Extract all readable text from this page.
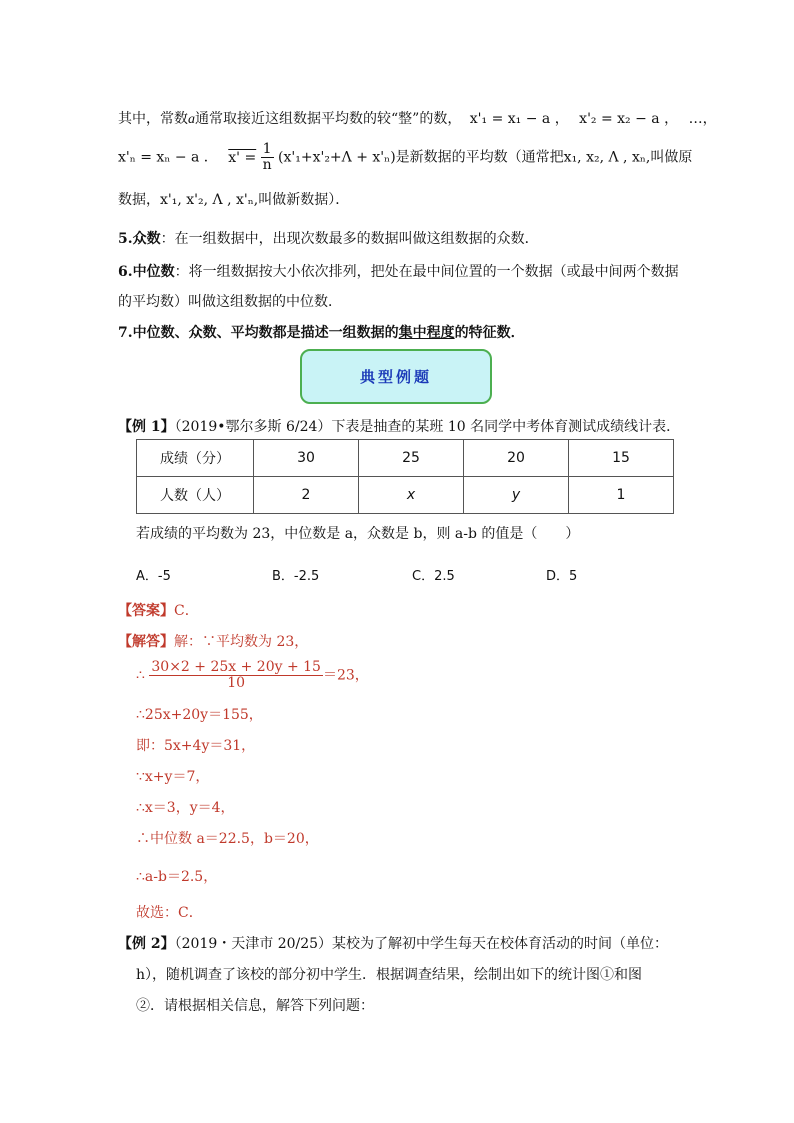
其中，常数a通常取接近这组数据平均数的较“整”的数， x'₁ = x₁ − a ， x'₂ = x₂ − a ， …，
x'ₙ = xₙ − a ． $x' = \frac{1}{n} (x'_1+x'_2+\Lambda + x'_n)$是新数据的平均数（通常把x₁, x₂, Λ , xₙ,叫做原
数据，x'₁, x'₂, Λ , x'ₙ,叫做新数据）．
5.众数：在一组数据中，出现次数最多的数据叫做这组数据的众数．
6.中位数：将一组数据按大小依次排列，把处在最中间位置的一个数据（或最中间两个数据
的平均数）叫做这组数据的中位数．
7.中位数、众数、平均数都是描述一组数据的集中程度的特征数．
典型例题
【例 1】（2019•鄂尔多斯 6/24）下表是抽查的某班 10 名同学中考体育测试成绩线计表．
成绩（分）	30	25	20	15
人数（人）	2	x	y	1
若成绩的平均数为 23，中位数是 a，众数是 b，则 a-b 的值是（　　）
A．-5	B．-2.5	C．2.5	D．5
【答案】C．
【解答】解：∵平均数为 23，
∴ $\frac{30\times 2 + 25x + 20y + 15}{10} =23$，
∴25x+20y＝155，
即：5x+4y＝31，
∵x+y＝7，
∴x＝3，y＝4，
∴中位数 a＝22.5，b＝20，
∴a-b＝2.5，
故选：C．
【例 2】（2019・天津市 20/25）某校为了解初中学生每天在校体育活动的时间（单位：
h），随机调查了该校的部分初中学生．根据调查结果，绘制出如下的统计图①和图
②．请根据相关信息，解答下列问题：
